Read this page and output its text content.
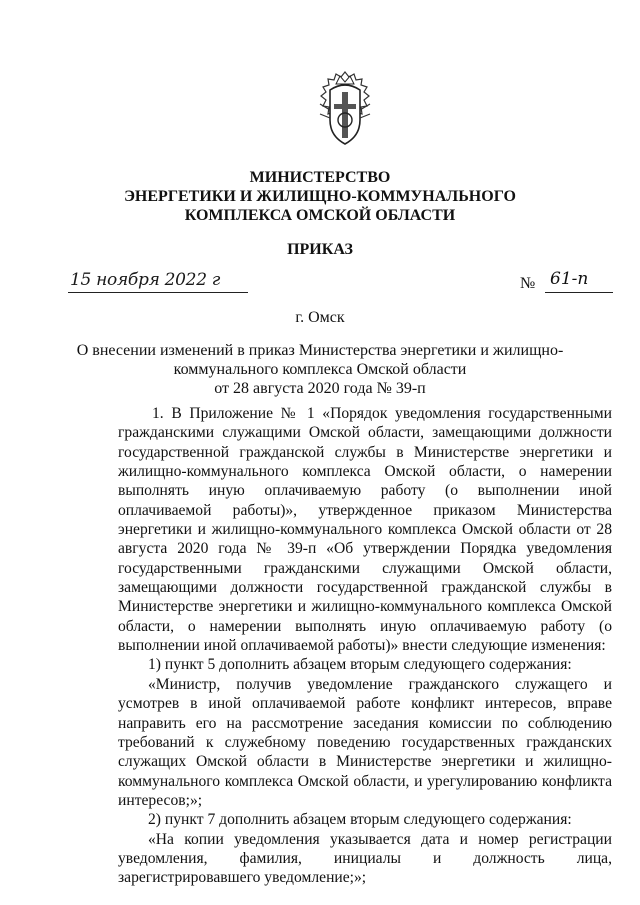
МИНИСТЕРСТВО
ЭНЕРГЕТИКИ И ЖИЛИЩНО-КОММУНАЛЬНОГО
КОМПЛЕКСА ОМСКОЙ ОБЛАСТИ
ПРИКАЗ
15 ноября 2022 г	№ 61-п
г. Омск
О внесении изменений в приказ Министерства энергетики и жилищно-
коммунального комплекса Омской области
от 28 августа 2020 года № 39-п

1. В Приложение № 1 «Порядок уведомления государственными гражданскими служащими Омской области, замещающими должности государственной гражданской службы в Министерстве энергетики и жилищно-коммунального комплекса Омской области, о намерении выполнять иную оплачиваемую работу (о выполнении иной оплачиваемой работы)», утвержденное приказом Министерства энергетики и жилищно-коммунального комплекса Омской области от 28 августа 2020 года № 39-п «Об утверждении Порядка уведомления государственными гражданскими служащими Омской области, замещающими должности государственной гражданской службы в Министерстве энергетики и жилищно-коммунального комплекса Омской области, о намерении выполнять иную оплачиваемую работу (о выполнении иной оплачиваемой работы)» внести следующие изменения:

1) пункт 5 дополнить абзацем вторым следующего содержания:

«Министр, получив уведомление гражданского служащего и усмотрев в иной оплачиваемой работе конфликт интересов, вправе направить его на рассмотрение заседания комиссии по соблюдению требований к служебному поведению государственных гражданских служащих Омской области в Министерстве энергетики и жилищно-коммунального комплекса Омской области, и урегулированию конфликта интересов;»;

2) пункт 7 дополнить абзацем вторым следующего содержания:

«На копии уведомления указывается дата и номер регистрации уведомления, фамилия, инициалы и должность лица, зарегистрировавшего уведомление;»;
